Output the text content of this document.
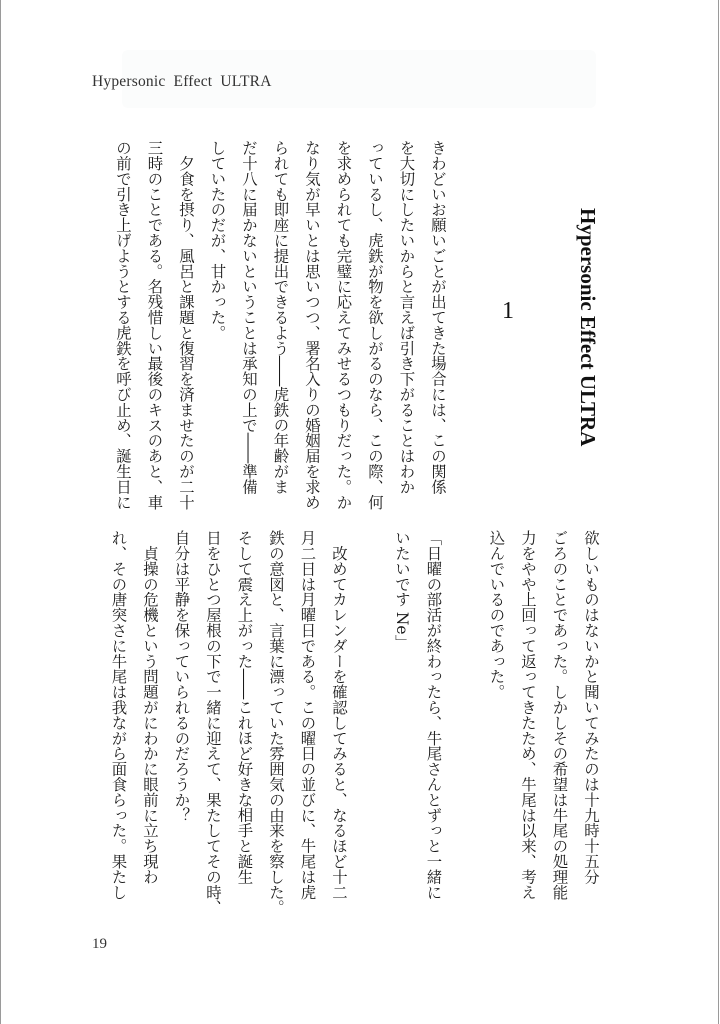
Hypersonic Effect ULTRA
Hypersonic Effect ULTRA
1
きわどいお願いごとが出てきた場合には、この関係
を大切にしたいからと言えば引き下がることはわか
っているし、虎鉄が物を欲しがるのなら、この際、何
を求められても完璧に応えてみせるつもりだった。か
なり気が早いとは思いつつ、署名入りの婚姻届を求め
られても即座に提出できるよう――虎鉄の年齢がま
だ十八に届かないということは承知の上で――準備
していたのだが、甘かった。
　夕食を摂り、風呂と課題と復習を済ませたのが二十
三時のことである。名残惜しい最後のキスのあと、車
の前で引き上げようとする虎鉄を呼び止め、誕生日に
欲しいものはないかと聞いてみたのは十九時十五分
ごろのことであった。しかしその希望は牛尾の処理能
力をやや上回って返ってきたため、牛尾は以来、考え
込んでいるのであった。
「日曜の部活が終わったら、牛尾さんとずっと一緒に
いたいです Ne」
　改めてカレンダーを確認してみると、なるほど十二
月二日は月曜日である。この曜日の並びに、牛尾は虎
鉄の意図と、言葉に漂っていた雰囲気の由来を察した。
そして震え上がった――これほど好きな相手と誕生
日をひとつ屋根の下で一緒に迎えて、果たしてその時、
自分は平静を保っていられるのだろうか？
　貞操の危機という問題がにわかに眼前に立ち現わ
れ、その唐突さに牛尾は我ながら面食らった。果たし
19
